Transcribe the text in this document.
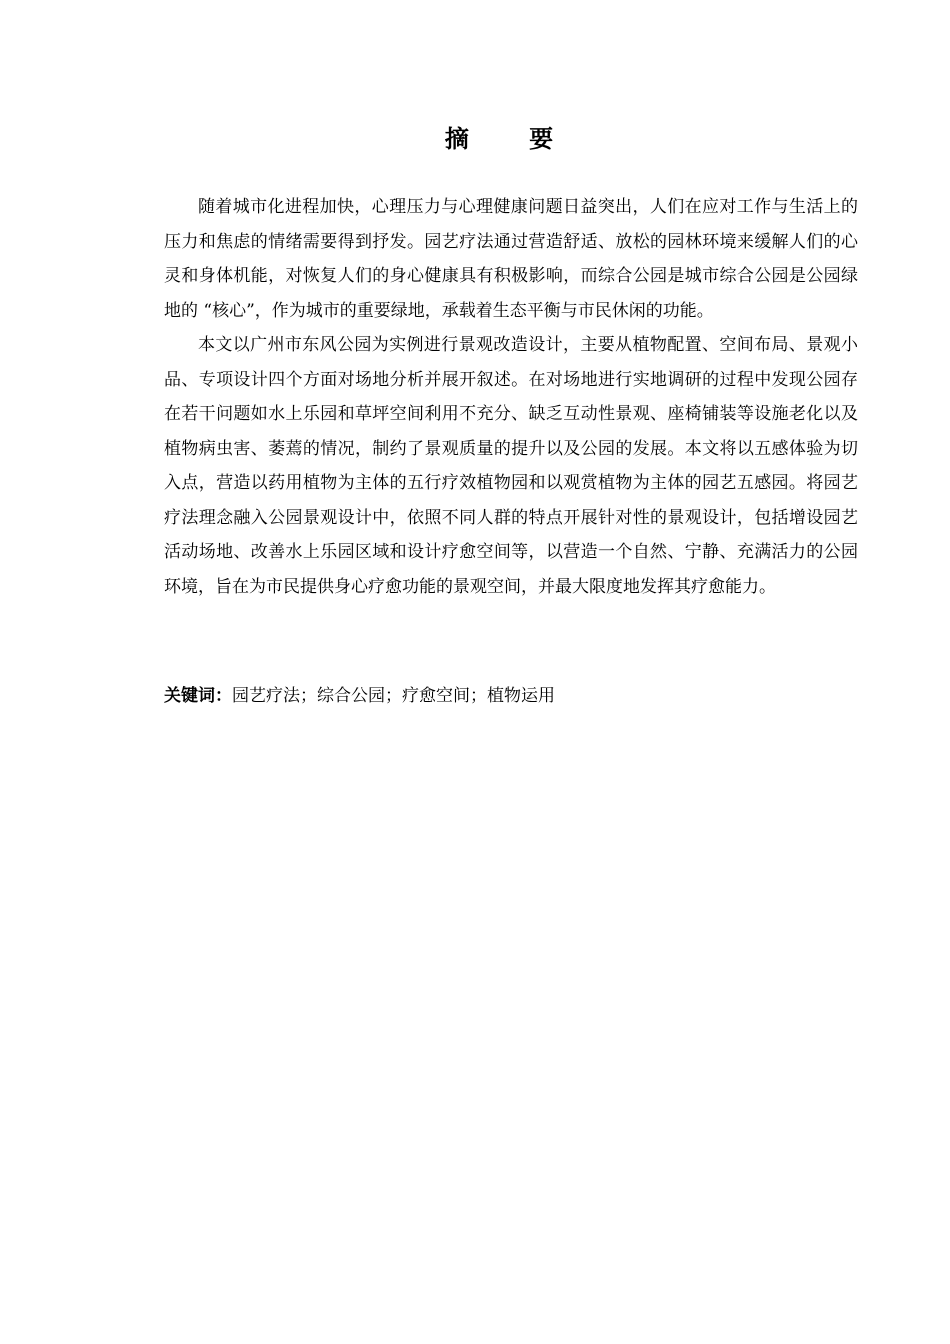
摘 要

随着城市化进程加快，心理压力与心理健康问题日益突出，人们在应对工作与生活上的压力和焦虑的情绪需要得到抒发。园艺疗法通过营造舒适、放松的园林环境来缓解人们的心灵和身体机能，对恢复人们的身心健康具有积极影响，而综合公园是城市综合公园是公园绿地的 “核心”，作为城市的重要绿地，承载着生态平衡与市民休闲的功能。

本文以广州市东风公园为实例进行景观改造设计，主要从植物配置、空间布局、景观小品、专项设计四个方面对场地分析并展开叙述。在对场地进行实地调研的过程中发现公园存在若干问题如水上乐园和草坪空间利用不充分、缺乏互动性景观、座椅铺装等设施老化以及植物病虫害、萎蔫的情况，制约了景观质量的提升以及公园的发展。本文将以五感体验为切入点，营造以药用植物为主体的五行疗效植物园和以观赏植物为主体的园艺五感园。将园艺疗法理念融入公园景观设计中，依照不同人群的特点开展针对性的景观设计，包括增设园艺活动场地、改善水上乐园区域和设计疗愈空间等，以营造一个自然、宁静、充满活力的公园环境，旨在为市民提供身心疗愈功能的景观空间，并最大限度地发挥其疗愈能力。

关键词：园艺疗法；综合公园；疗愈空间；植物运用
